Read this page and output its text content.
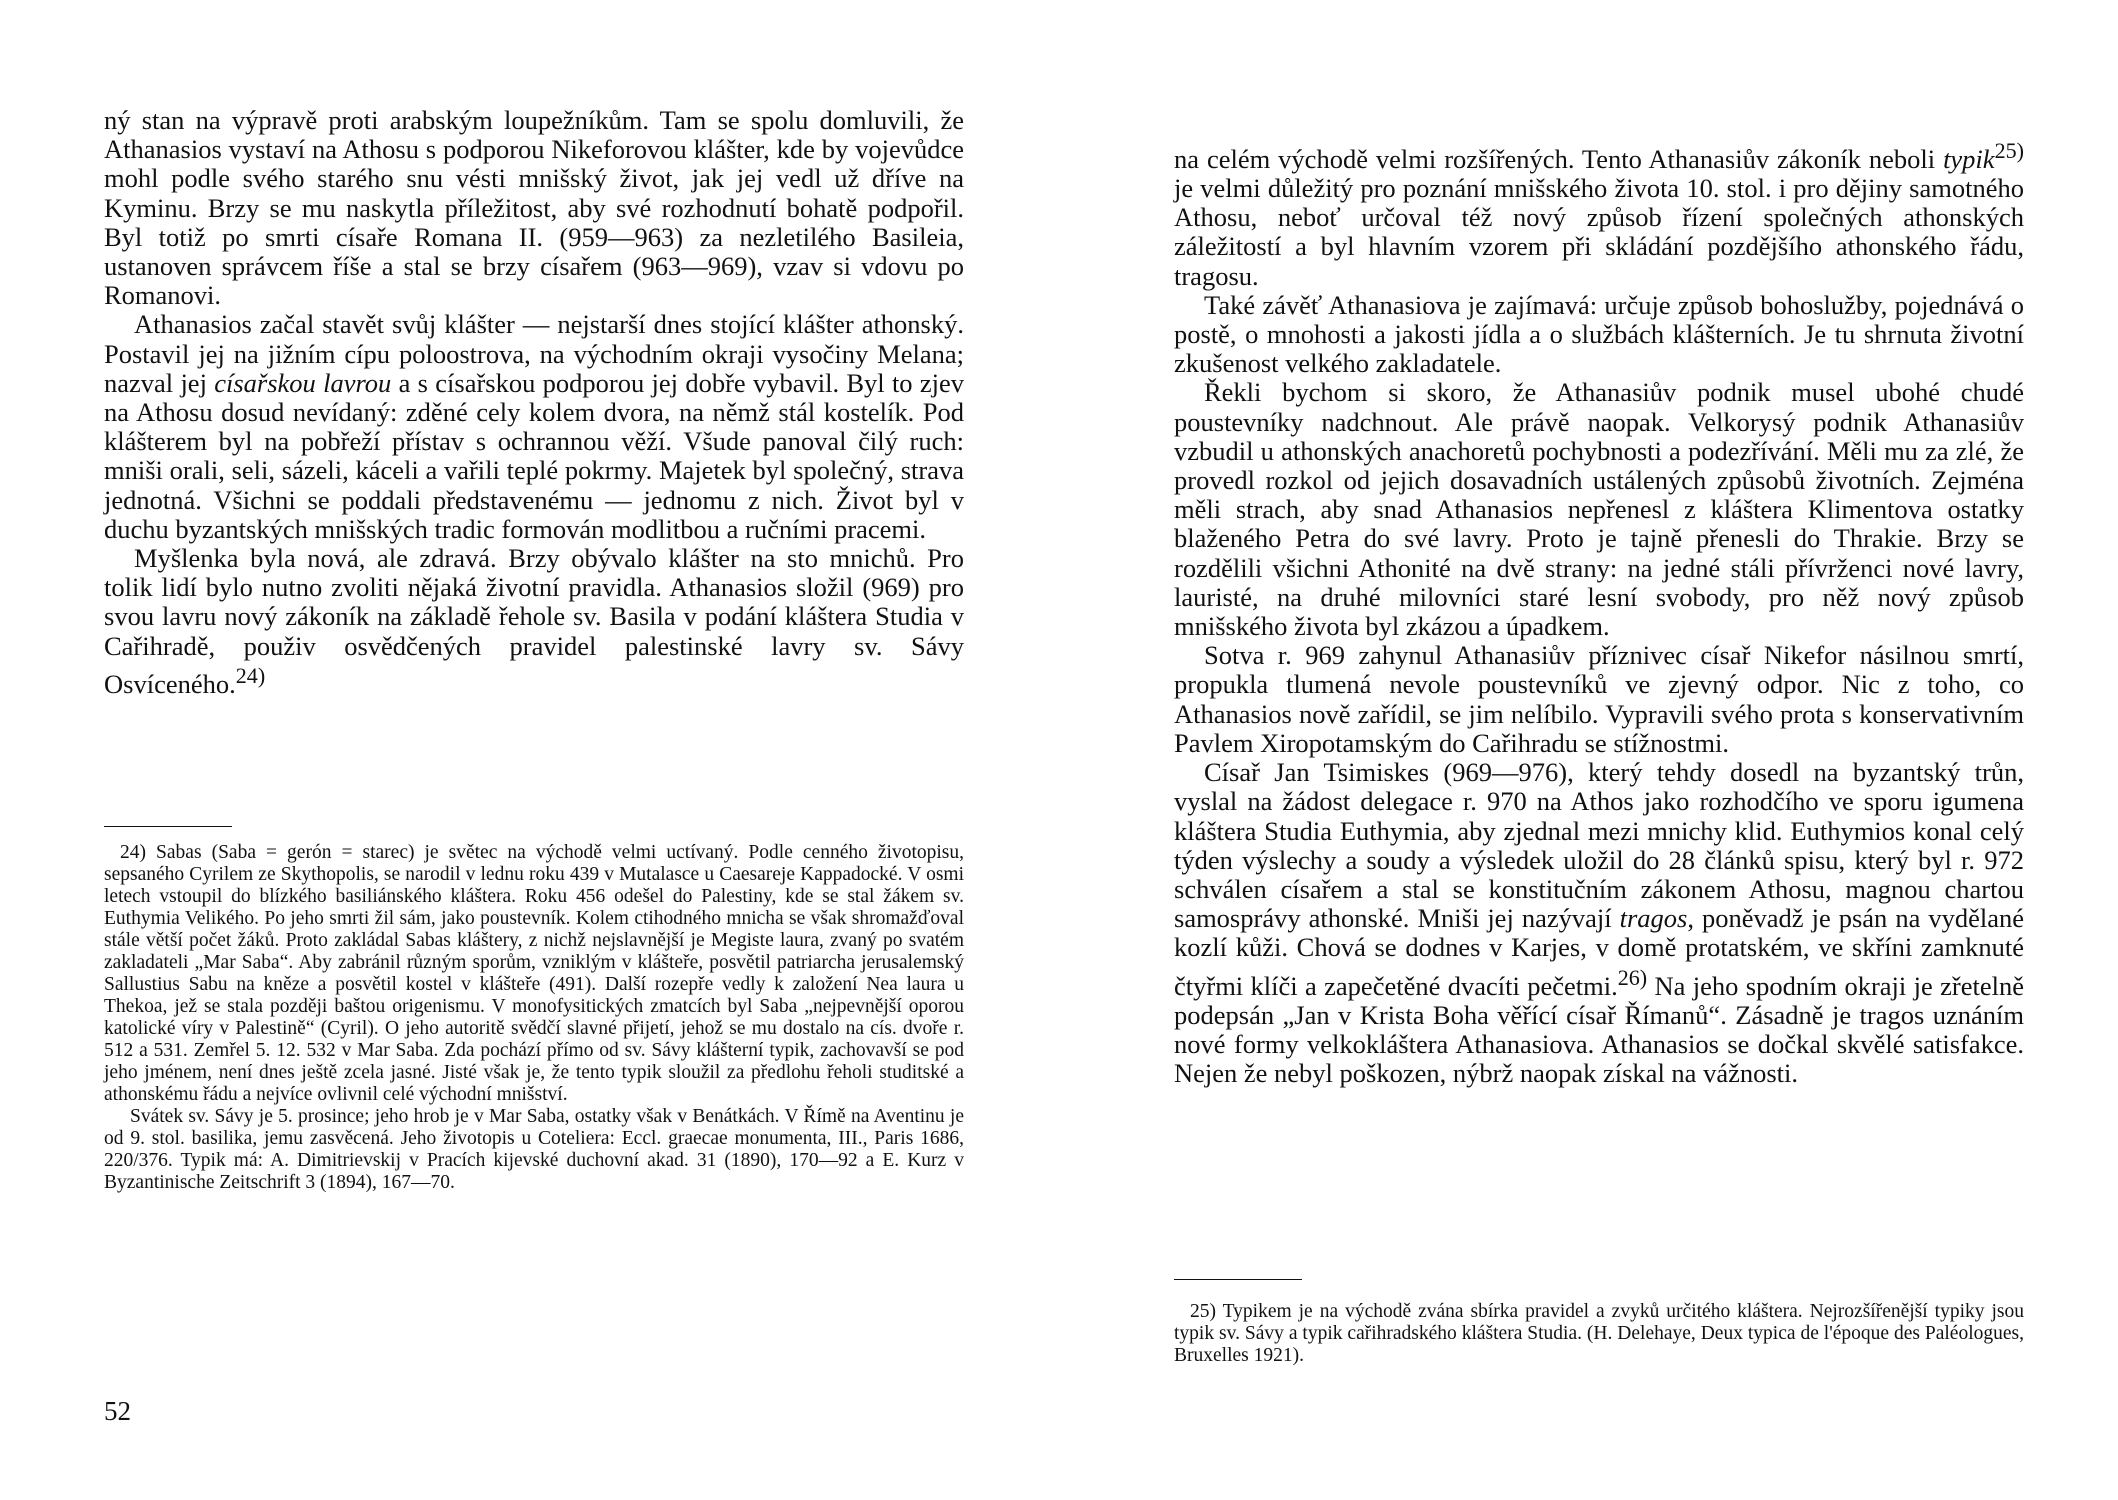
ný stan na výpravě proti arabským loupežníkům. Tam se spolu domluvili, že Athanasios vystaví na Athosu s podporou Nikeforovou klášter, kde by vojevůdce mohl podle svého starého snu vésti mnišský život, jak jej vedl už dříve na Kyminu. Brzy se mu naskytla příležitost, aby své rozhodnutí bohatě podpořil. Byl totiž po smrti císaře Romana II. (959—963) za nezletilého Basileia, ustanoven správcem říše a stal se brzy císařem (963—969), vzav si vdovu po Romanovi.

Athanasios začal stavět svůj klášter — nejstarší dnes stojící klášter athonský. Postavil jej na jižním cípu poloostrova, na východním okraji vysočiny Melana; nazval jej císařskou lavrou a s císařskou podporou jej dobře vybavil. Byl to zjev na Athosu dosud nevídaný: zděné cely kolem dvora, na němž stál kostelík. Pod klášterem byl na pobřeží přístav s ochrannou věží. Všude panoval čilý ruch: mniši orali, seli, sázeli, káceli a vařili teplé pokrmy. Majetek byl společný, strava jednotná. Všichni se poddali představenému — jednomu z nich. Život byl v duchu byzantských mnišských tradic formován modlitbou a ručními pracemi.

Myšlenka byla nová, ale zdravá. Brzy obývalo klášter na sto mnichů. Pro tolik lidí bylo nutno zvoliti nějaká životní pravidla. Athanasios složil (969) pro svou lavru nový zákoník na základě řehole sv. Basila v podání kláštera Studia v Cařihradě, použiv osvědčených pravidel palestinské lavry sv. Sávy Osvíceného.$^{24)}$

24) Sabas (Saba = gerón = starec) je světec na východě velmi uctívaný. Podle cenného životopisu, sepsaného Cyrilem ze Skythopolis, se narodil v lednu roku 439 v Mutalasce u Caesareje Kappadocké. V osmi letech vstoupil do blízkého basiliánského kláštera. Roku 456 odešel do Palestiny, kde se stal žákem sv. Euthymia Velikého. Po jeho smrti žil sám, jako poustevník. Kolem ctihodného mnicha se však shromažďoval stále větší počet žáků. Proto zakládal Sabas kláštery, z nichž nejslavnější je Megiste laura, zvaný po svatém zakladateli „Mar Saba“. Aby zabránil různým sporům, vzniklým v klášteře, posvětil patriarcha jerusalemský Sallustius Sabu na kněze a posvětil kostel v klášteře (491). Další rozepře vedly k založení Nea laura u Thekoa, jež se stala později baštou origenismu. V monofysitických zmatcích byl Saba „nejpevnější oporou katolické víry v Palestině“ (Cyril). O jeho autoritě svědčí slavné přijetí, jehož se mu dostalo na cís. dvoře r. 512 a 531. Zemřel 5. 12. 532 v Mar Saba. Zda pochází přímo od sv. Sávy klášterní typik, zachovavší se pod jeho jménem, není dnes ještě zcela jasné. Jisté však je, že tento typik sloužil za předlohu řeholi studitské a athonskému řádu a nejvíce ovlivnil celé východní mnišství.

Svátek sv. Sávy je 5. prosince; jeho hrob je v Mar Saba, ostatky však v Benátkách. V Římě na Aventinu je od 9. stol. basilika, jemu zasvěcená. Jeho životopis u Coteliera: Eccl. graecae monumenta, III., Paris 1686, 220/376. Typik má: A. Dimitrievskij v Pracích kijevské duchovní akad. 31 (1890), 170—92 a E. Kurz v Byzantinische Zeitschrift 3 (1894), 167—70.

52

na celém východě velmi rozšířených. Tento Athanasiův zákoník neboli typik$^{25)}$ je velmi důležitý pro poznání mnišského života 10. stol. i pro dějiny samotného Athosu, neboť určoval též nový způsob řízení společných athonských záležitostí a byl hlavním vzorem při skládání pozdějšího athonského řádu, tragosu.

Také závěť Athanasiova je zajímavá: určuje způsob bohoslužby, pojednává o postě, o mnohosti a jakosti jídla a o službách klášterních. Je tu shrnuta životní zkušenost velkého zakladatele.

Řekli bychom si skoro, že Athanasiův podnik musel ubohé chudé poustevníky nadchnout. Ale právě naopak. Velkorysý podnik Athanasiův vzbudil u athonských anachoretů pochybnosti a podezřívání. Měli mu za zlé, že provedl rozkol od jejich dosavadních ustálených způsobů životních. Zejména měli strach, aby snad Athanasios nepřenesl z kláštera Klimentova ostatky blaženého Petra do své lavry. Proto je tajně přenesli do Thrakie. Brzy se rozdělili všichni Athonité na dvě strany: na jedné stáli přívrženci nové lavry, lauristé, na druhé milovníci staré lesní svobody, pro něž nový způsob mnišského života byl zkázou a úpadkem.

Sotva r. 969 zahynul Athanasiův příznivec císař Nikefor násilnou smrtí, propukla tlumená nevole poustevníků ve zjevný odpor. Nic z toho, co Athanasios nově zařídil, se jim nelíbilo. Vypravili svého prota s konservativním Pavlem Xiropotamským do Cařihradu se stížnostmi.

Císař Jan Tsimiskes (969—976), který tehdy dosedl na byzantský trůn, vyslal na žádost delegace r. 970 na Athos jako rozhodčího ve sporu igumena kláštera Studia Euthymia, aby zjednal mezi mnichy klid. Euthymios konal celý týden výslechy a soudy a výsledek uložil do 28 článků spisu, který byl r. 972 schválen císařem a stal se konstitučním zákonem Athosu, magnou chartou samosprávy athonské. Mniši jej nazývají tragos, poněvadž je psán na vydělané kozlí kůži. Chová se dodnes v Karjes, v domě protatském, ve skříni zamknuté čtyřmi klíči a zapečetěné dvacíti pečetmi.$^{26)}$ Na jeho spodním okraji je zřetelně podepsán „Jan v Krista Boha věřící císař Římanů“. Zásadně je tragos uznáním nové formy velkokláštera Athanasiova. Athanasios se dočkal skvělé satisfakce. Nejen že nebyl poškozen, nýbrž naopak získal na vážnosti.

25) Typikem je na východě zvána sbírka pravidel a zvyků určitého kláštera. Nejrozšířenější typiky jsou typik sv. Sávy a typik cařihradského kláštera Studia. (H. Delehaye, Deux typica de l'époque des Paléologues, Bruxelles 1921).
